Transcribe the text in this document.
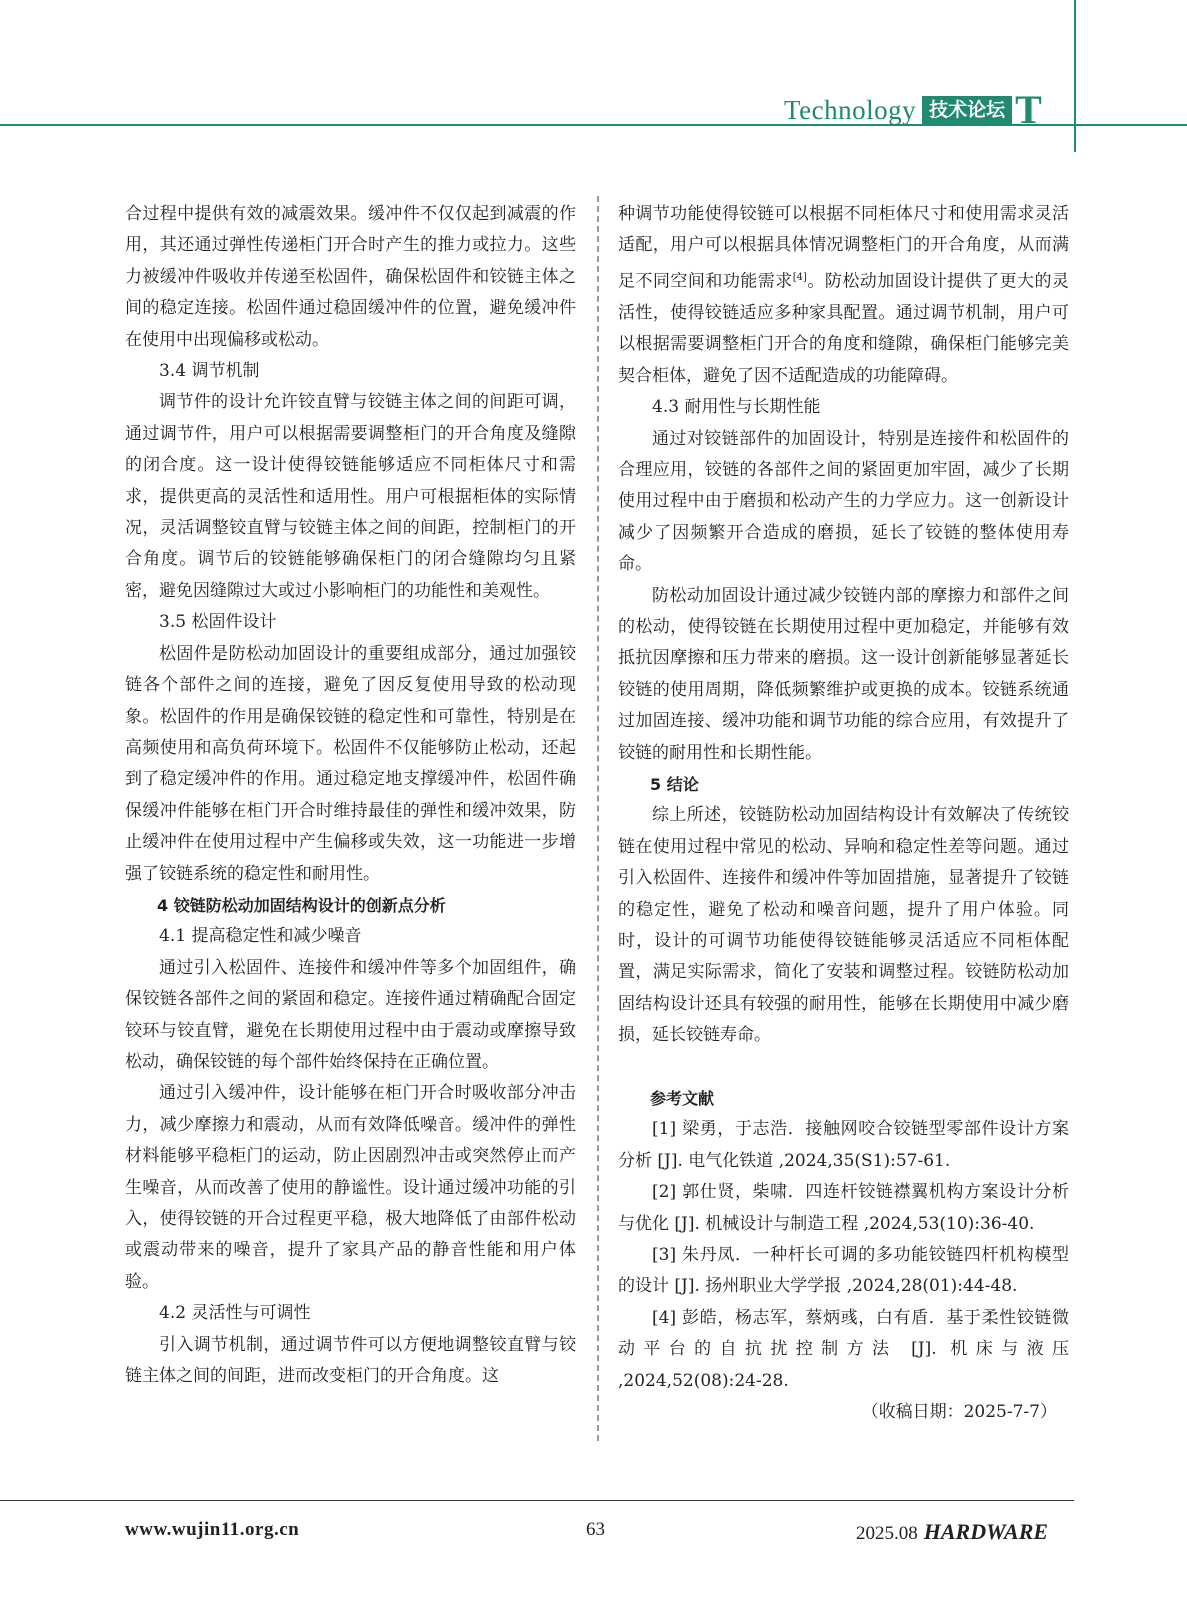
Technology 技术论坛 T

合过程中提供有效的减震效果。缓冲件不仅仅起到减震的作用，其还通过弹性传递柜门开合时产生的推力或拉力。这些力被缓冲件吸收并传递至松固件，确保松固件和铰链主体之间的稳定连接。松固件通过稳固缓冲件的位置，避免缓冲件在使用中出现偏移或松动。

3.4 调节机制

调节件的设计允许铰直臂与铰链主体之间的间距可调，通过调节件，用户可以根据需要调整柜门的开合角度及缝隙的闭合度。这一设计使得铰链能够适应不同柜体尺寸和需求，提供更高的灵活性和适用性。用户可根据柜体的实际情况，灵活调整铰直臂与铰链主体之间的间距，控制柜门的开合角度。调节后的铰链能够确保柜门的闭合缝隙均匀且紧密，避免因缝隙过大或过小影响柜门的功能性和美观性。

3.5 松固件设计

松固件是防松动加固设计的重要组成部分，通过加强铰链各个部件之间的连接，避免了因反复使用导致的松动现象。松固件的作用是确保铰链的稳定性和可靠性，特别是在高频使用和高负荷环境下。松固件不仅能够防止松动，还起到了稳定缓冲件的作用。通过稳定地支撑缓冲件，松固件确保缓冲件能够在柜门开合时维持最佳的弹性和缓冲效果，防止缓冲件在使用过程中产生偏移或失效，这一功能进一步增强了铰链系统的稳定性和耐用性。

4 铰链防松动加固结构设计的创新点分析
4.1 提高稳定性和减少噪音

通过引入松固件、连接件和缓冲件等多个加固组件，确保铰链各部件之间的紧固和稳定。连接件通过精确配合固定铰环与铰直臂，避免在长期使用过程中由于震动或摩擦导致松动，确保铰链的每个部件始终保持在正确位置。

通过引入缓冲件，设计能够在柜门开合时吸收部分冲击力，减少摩擦力和震动，从而有效降低噪音。缓冲件的弹性材料能够平稳柜门的运动，防止因剧烈冲击或突然停止而产生噪音，从而改善了使用的静谧性。设计通过缓冲功能的引入，使得铰链的开合过程更平稳，极大地降低了由部件松动或震动带来的噪音，提升了家具产品的静音性能和用户体验。

4.2 灵活性与可调性

引入调节机制，通过调节件可以方便地调整铰直臂与铰链主体之间的间距，进而改变柜门的开合角度。这

种调节功能使得铰链可以根据不同柜体尺寸和使用需求灵活适配，用户可以根据具体情况调整柜门的开合角度，从而满足不同空间和功能需求[4]。防松动加固设计提供了更大的灵活性，使得铰链适应多种家具配置。通过调节机制，用户可以根据需要调整柜门开合的角度和缝隙，确保柜门能够完美契合柜体，避免了因不适配造成的功能障碍。

4.3 耐用性与长期性能

通过对铰链部件的加固设计，特别是连接件和松固件的合理应用，铰链的各部件之间的紧固更加牢固，减少了长期使用过程中由于磨损和松动产生的力学应力。这一创新设计减少了因频繁开合造成的磨损，延长了铰链的整体使用寿命。

防松动加固设计通过减少铰链内部的摩擦力和部件之间的松动，使得铰链在长期使用过程中更加稳定，并能够有效抵抗因摩擦和压力带来的磨损。这一设计创新能够显著延长铰链的使用周期，降低频繁维护或更换的成本。铰链系统通过加固连接、缓冲功能和调节功能的综合应用，有效提升了铰链的耐用性和长期性能。

5 结论

综上所述，铰链防松动加固结构设计有效解决了传统铰链在使用过程中常见的松动、异响和稳定性差等问题。通过引入松固件、连接件和缓冲件等加固措施，显著提升了铰链的稳定性，避免了松动和噪音问题，提升了用户体验。同时，设计的可调节功能使得铰链能够灵活适应不同柜体配置，满足实际需求，简化了安装和调整过程。铰链防松动加固结构设计还具有较强的耐用性，能够在长期使用中减少磨损，延长铰链寿命。

参考文献

[1] 梁勇，于志浩．接触网咬合铰链型零部件设计方案分析 [J]. 电气化铁道 ,2024,35(S1):57-61.

[2] 郭仕贤，柴啸．四连杆铰链襟翼机构方案设计分析与优化 [J]. 机械设计与制造工程 ,2024,53(10):36-40.

[3] 朱丹凤．一种杆长可调的多功能铰链四杆机构模型的设计 [J]. 扬州职业大学学报 ,2024,28(01):44-48.

[4] 彭皓，杨志军，蔡炳彧，白有盾．基于柔性铰链微动平台的自抗扰控制方法 [J]. 机床与液压 ,2024,52(08):24-28.

（收稿日期：2025-7-7）
www.wujin11.org.cn	63	2025.08 HARDWARE
